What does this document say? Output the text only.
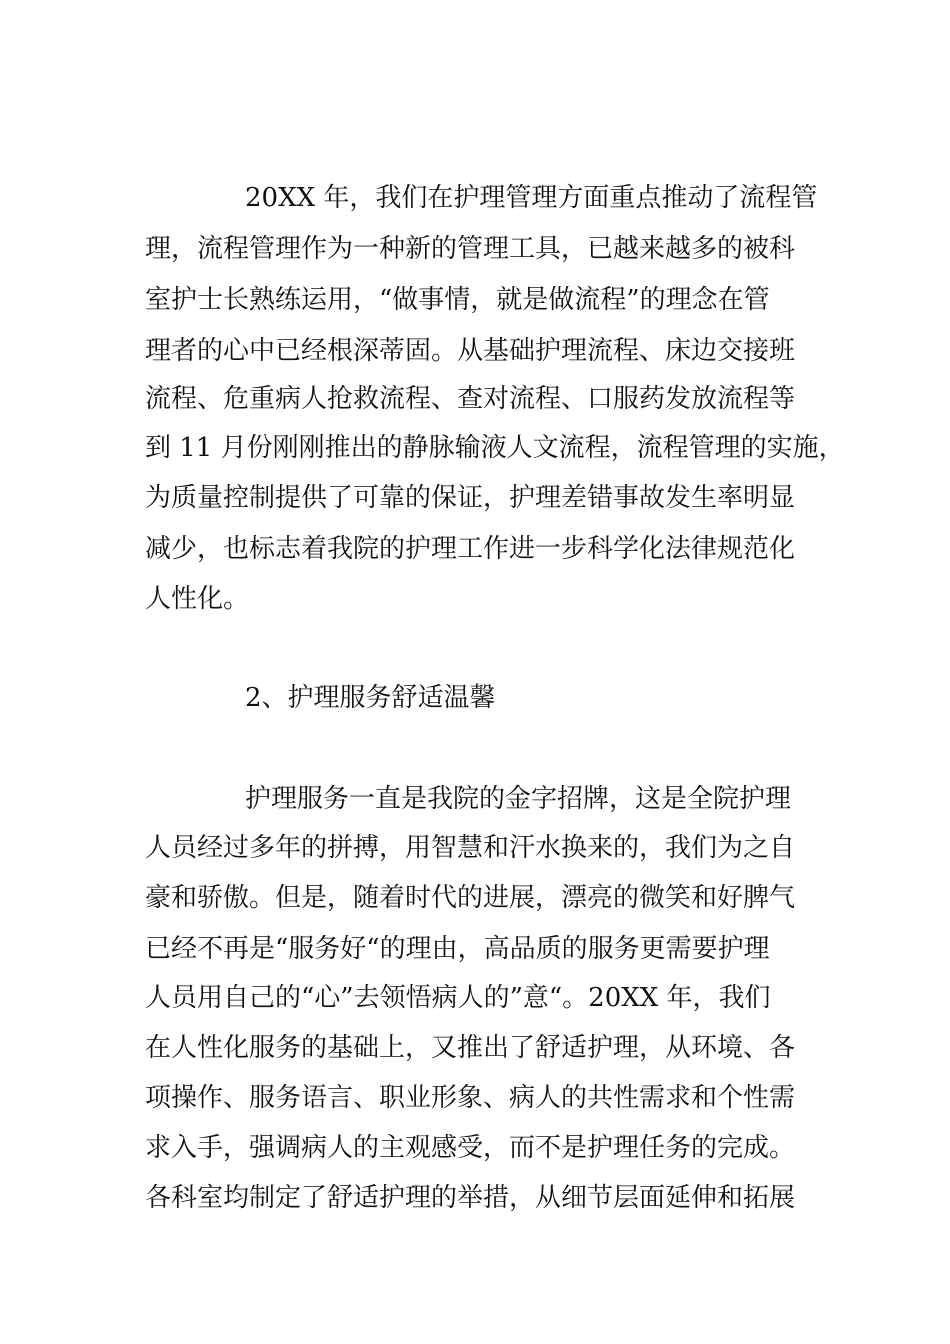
20XX 年，我们在护理管理方面重点推动了流程管
理，流程管理作为一种新的管理工具，已越来越多的被科
室护士长熟练运用，“做事情，就是做流程”的理念在管
理者的心中已经根深蒂固。从基础护理流程、床边交接班
流程、危重病人抢救流程、查对流程、口服药发放流程等
到 11 月份刚刚推出的静脉输液人文流程，流程管理的实施，
为质量控制提供了可靠的保证，护理差错事故发生率明显
减少，也标志着我院的护理工作进一步科学化法律规范化
人性化。
2、护理服务舒适温馨
护理服务一直是我院的金字招牌，这是全院护理
人员经过多年的拼搏，用智慧和汗水换来的，我们为之自
豪和骄傲。但是，随着时代的进展，漂亮的微笑和好脾气
已经不再是“服务好“的理由，高品质的服务更需要护理
人员用自己的“心”去领悟病人的”意“。20XX 年，我们
在人性化服务的基础上，又推出了舒适护理，从环境、各
项操作、服务语言、职业形象、病人的共性需求和个性需
求入手，强调病人的主观感受，而不是护理任务的完成。
各科室均制定了舒适护理的举措，从细节层面延伸和拓展
